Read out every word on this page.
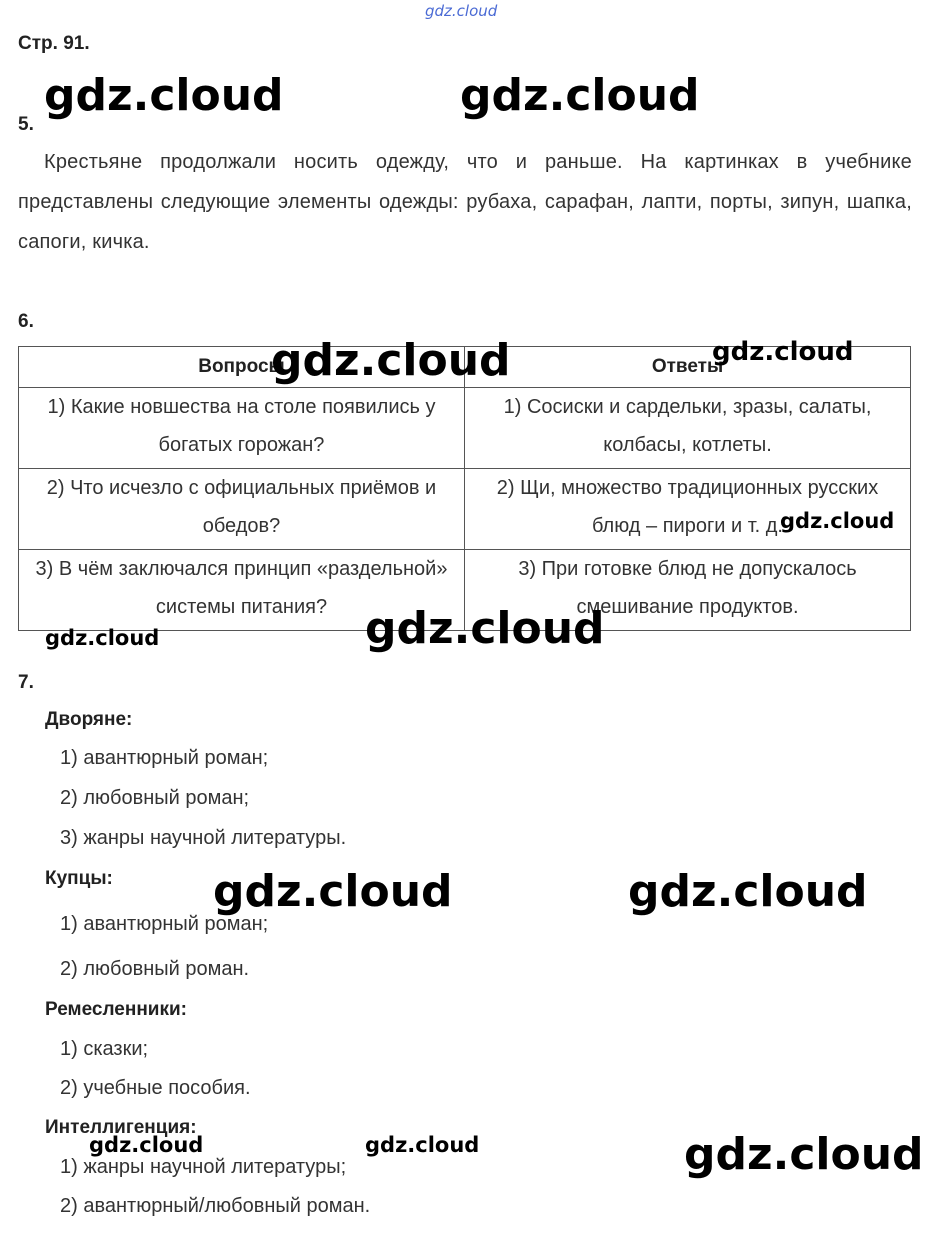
gdz.cloud
Стр. 91.
5.
Крестьяне продолжали носить одежду, что и раньше. На картинках в учебнике представлены следующие элементы одежды: рубаха, сарафан, лапти, порты, зипун, шапка, сапоги, кичка.
6.
Вопросы	Ответы
1) Какие новшества на столе появились у богатых горожан?	1) Сосиски и сардельки, зразы, салаты, колбасы, котлеты.
2) Что исчезло с официальных приёмов и обедов?	2) Щи, множество традиционных русских блюд – пироги и т. д.
3) В чём заключался принцип «раздельной» системы питания?	3) При готовке блюд не допускалось смешивание продуктов.
7.
Дворяне:
1) авантюрный роман;
2) любовный роман;
3) жанры научной литературы.
Купцы:
1) авантюрный роман;
2) любовный роман.
Ремесленники:
1) сказки;
2) учебные пособия.
Интеллигенция:
1) жанры научной литературы;
2) авантюрный/любовный роман.
gdz.cloud	gdz.cloud
gdz.cloud	gdz.cloud
gdz.cloud
gdz.cloud	gdz.cloud
gdz.cloud	gdz.cloud
gdz.cloud	gdz.cloud	gdz.cloud
